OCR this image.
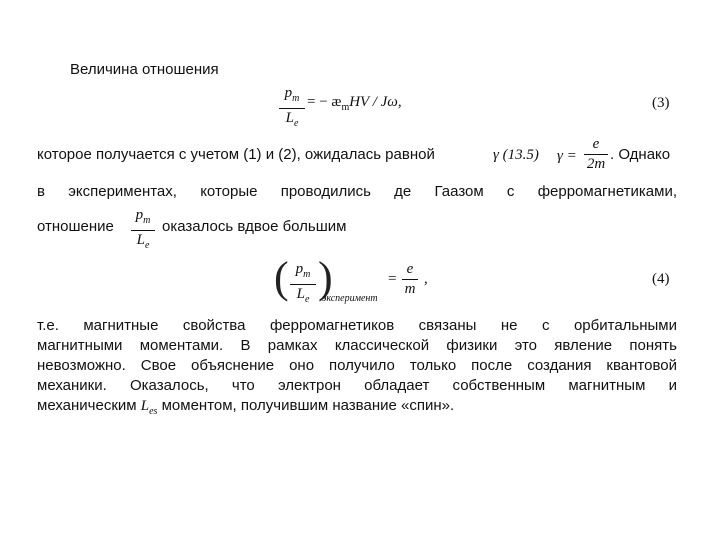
Величина отношения
$p_m$
$L_e$
= − $æ_mHV$ / Jω,	(3)
которое получается с учетом (1) и (2), ожидалась равной	γ (13.5) γ =
e
2m
. Однако
в экспериментах, которые проводились де Гаазом с ферромагнетиками,
отношение
$p_m$
$L_e$
оказалось вдвое большим
( $p_m$
$L_e$ )
эксперимент
=
e
m
,	(4)
т.е. магнитные свойства ферромагнетиков связаны не с орбитальными
магнитными моментами. В рамках классической физики это явление понять
невозможно. Свое объяснение оно получило только после создания квантовой
механики. Оказалось, что электрон обладает собственным магнитным и
механическим $L_{es}$ моментом, получившим название «спин».
